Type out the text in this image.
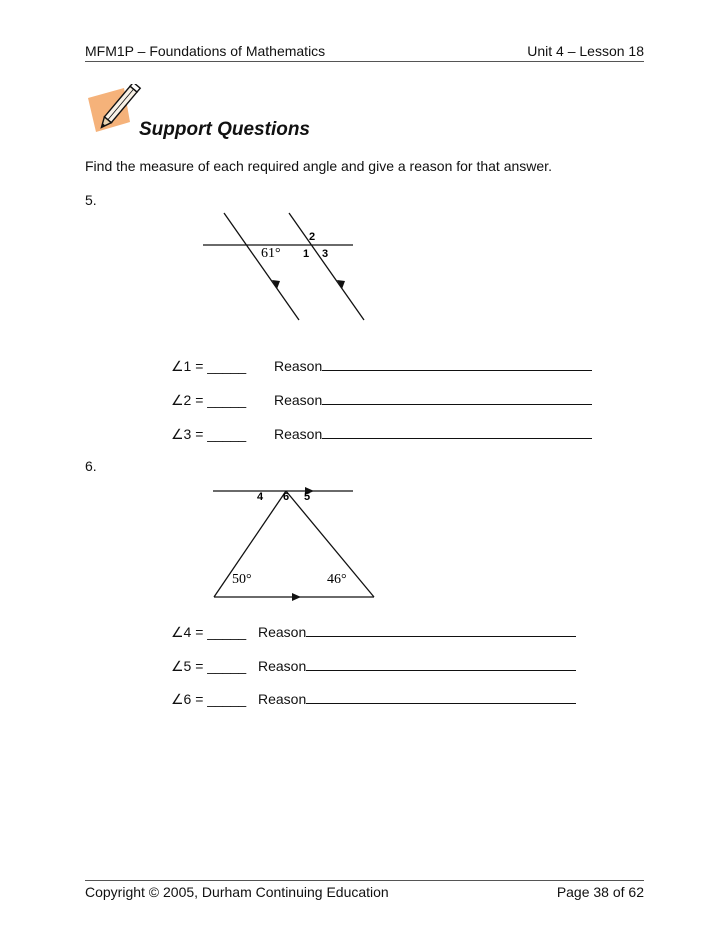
MFM1P – Foundations of Mathematics	Unit 4 – Lesson 18
Support Questions
Find the measure of each required angle and give a reason for that answer.
5.
61°
2
1 3
∠1 = _____ Reason
∠2 = _____ Reason
∠3 = _____ Reason
6.
4 6 5
50°	46°
∠4 = _____ Reason
∠5 = _____ Reason
∠6 = _____ Reason
Copyright © 2005, Durham Continuing Education	Page 38 of 62
